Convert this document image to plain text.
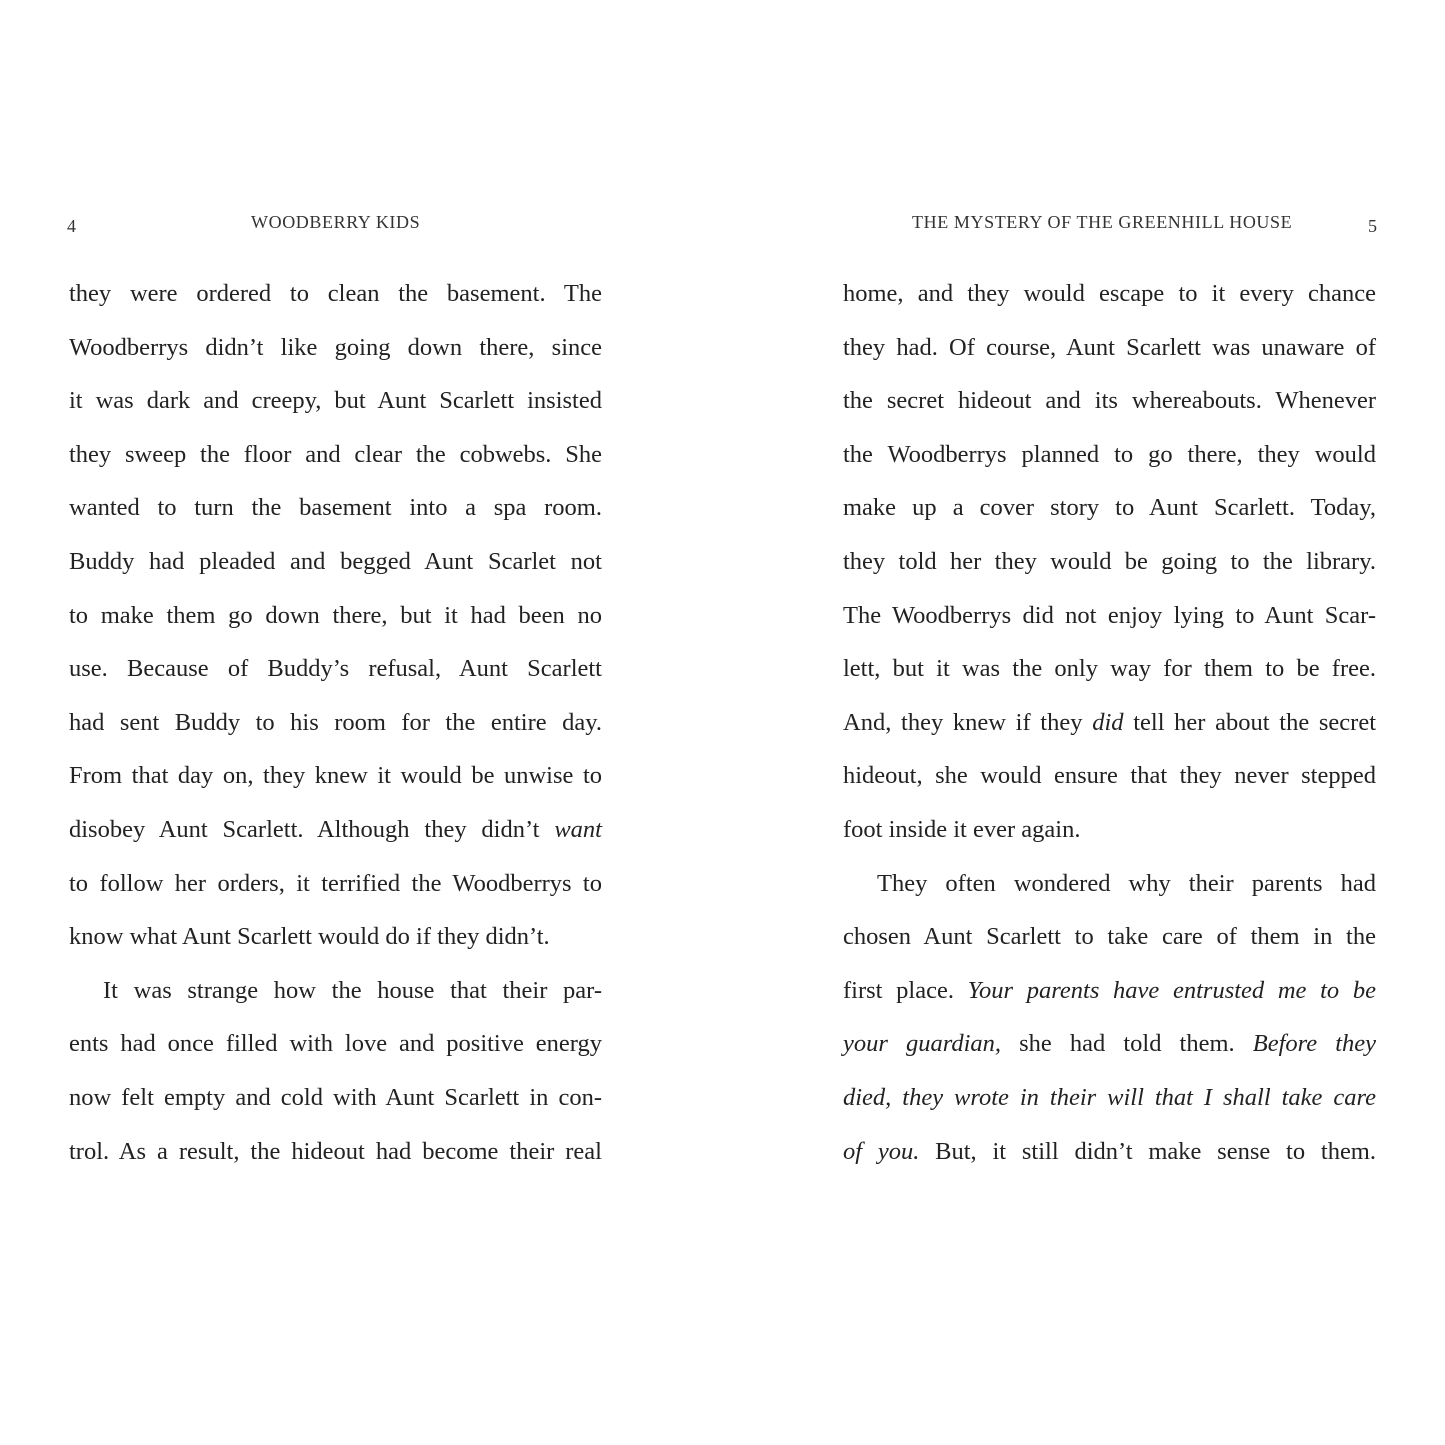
4	WOODBERRY KIDS
they were ordered to clean the basement. The
Woodberrys didn’t like going down there, since
it was dark and creepy, but Aunt Scarlett insisted
they sweep the floor and clear the cobwebs. She
wanted to turn the basement into a spa room.
Buddy had pleaded and begged Aunt Scarlet not
to make them go down there, but it had been no
use. Because of Buddy’s refusal, Aunt Scarlett
had sent Buddy to his room for the entire day.
From that day on, they knew it would be unwise to
disobey Aunt Scarlett. Although they didn’t want
to follow her orders, it terrified the Woodberrys to
know what Aunt Scarlett would do if they didn’t.
It was strange how the house that their par-
ents had once filled with love and positive energy
now felt empty and cold with Aunt Scarlett in con-
trol. As a result, the hideout had become their real
THE MYSTERY OF THE GREENHILL HOUSE	5
home, and they would escape to it every chance
they had. Of course, Aunt Scarlett was unaware of
the secret hideout and its whereabouts. Whenever
the Woodberrys planned to go there, they would
make up a cover story to Aunt Scarlett. Today,
they told her they would be going to the library.
The Woodberrys did not enjoy lying to Aunt Scar-
lett, but it was the only way for them to be free.
And, they knew if they did tell her about the secret
hideout, she would ensure that they never stepped
foot inside it ever again.
They often wondered why their parents had
chosen Aunt Scarlett to take care of them in the
first place. Your parents have entrusted me to be
your guardian, she had told them. Before they
died, they wrote in their will that I shall take care
of you. But, it still didn’t make sense to them.
